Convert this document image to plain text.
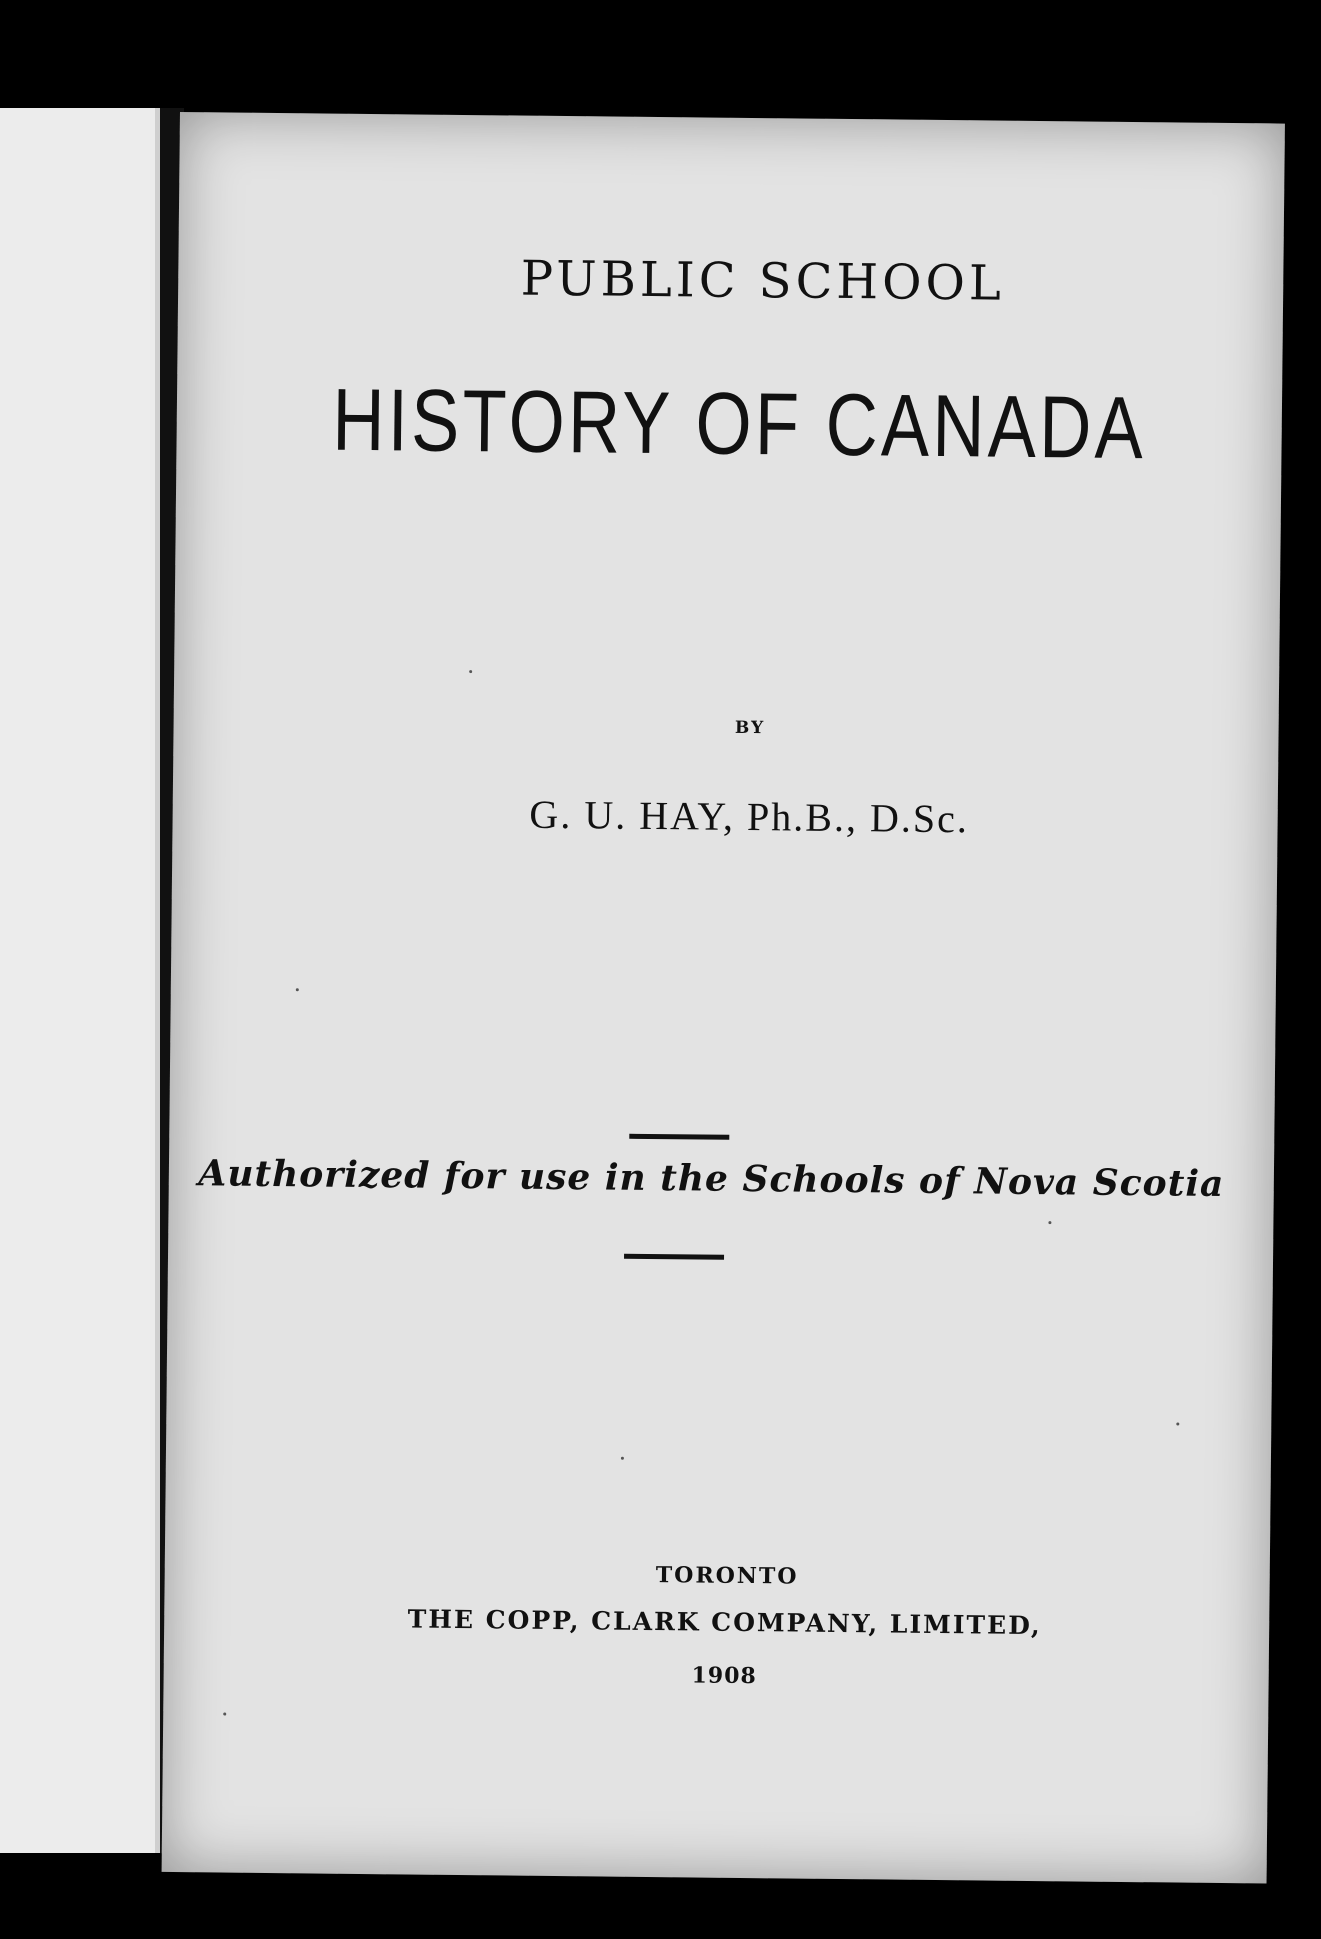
PUBLIC SCHOOL
HISTORY OF CANADA
BY
G. U. HAY, Ph.B., D.Sc.
Authorized for use in the Schools of Nova Scotia
TORONTO
THE COPP, CLARK COMPANY, LIMITED,
1908
